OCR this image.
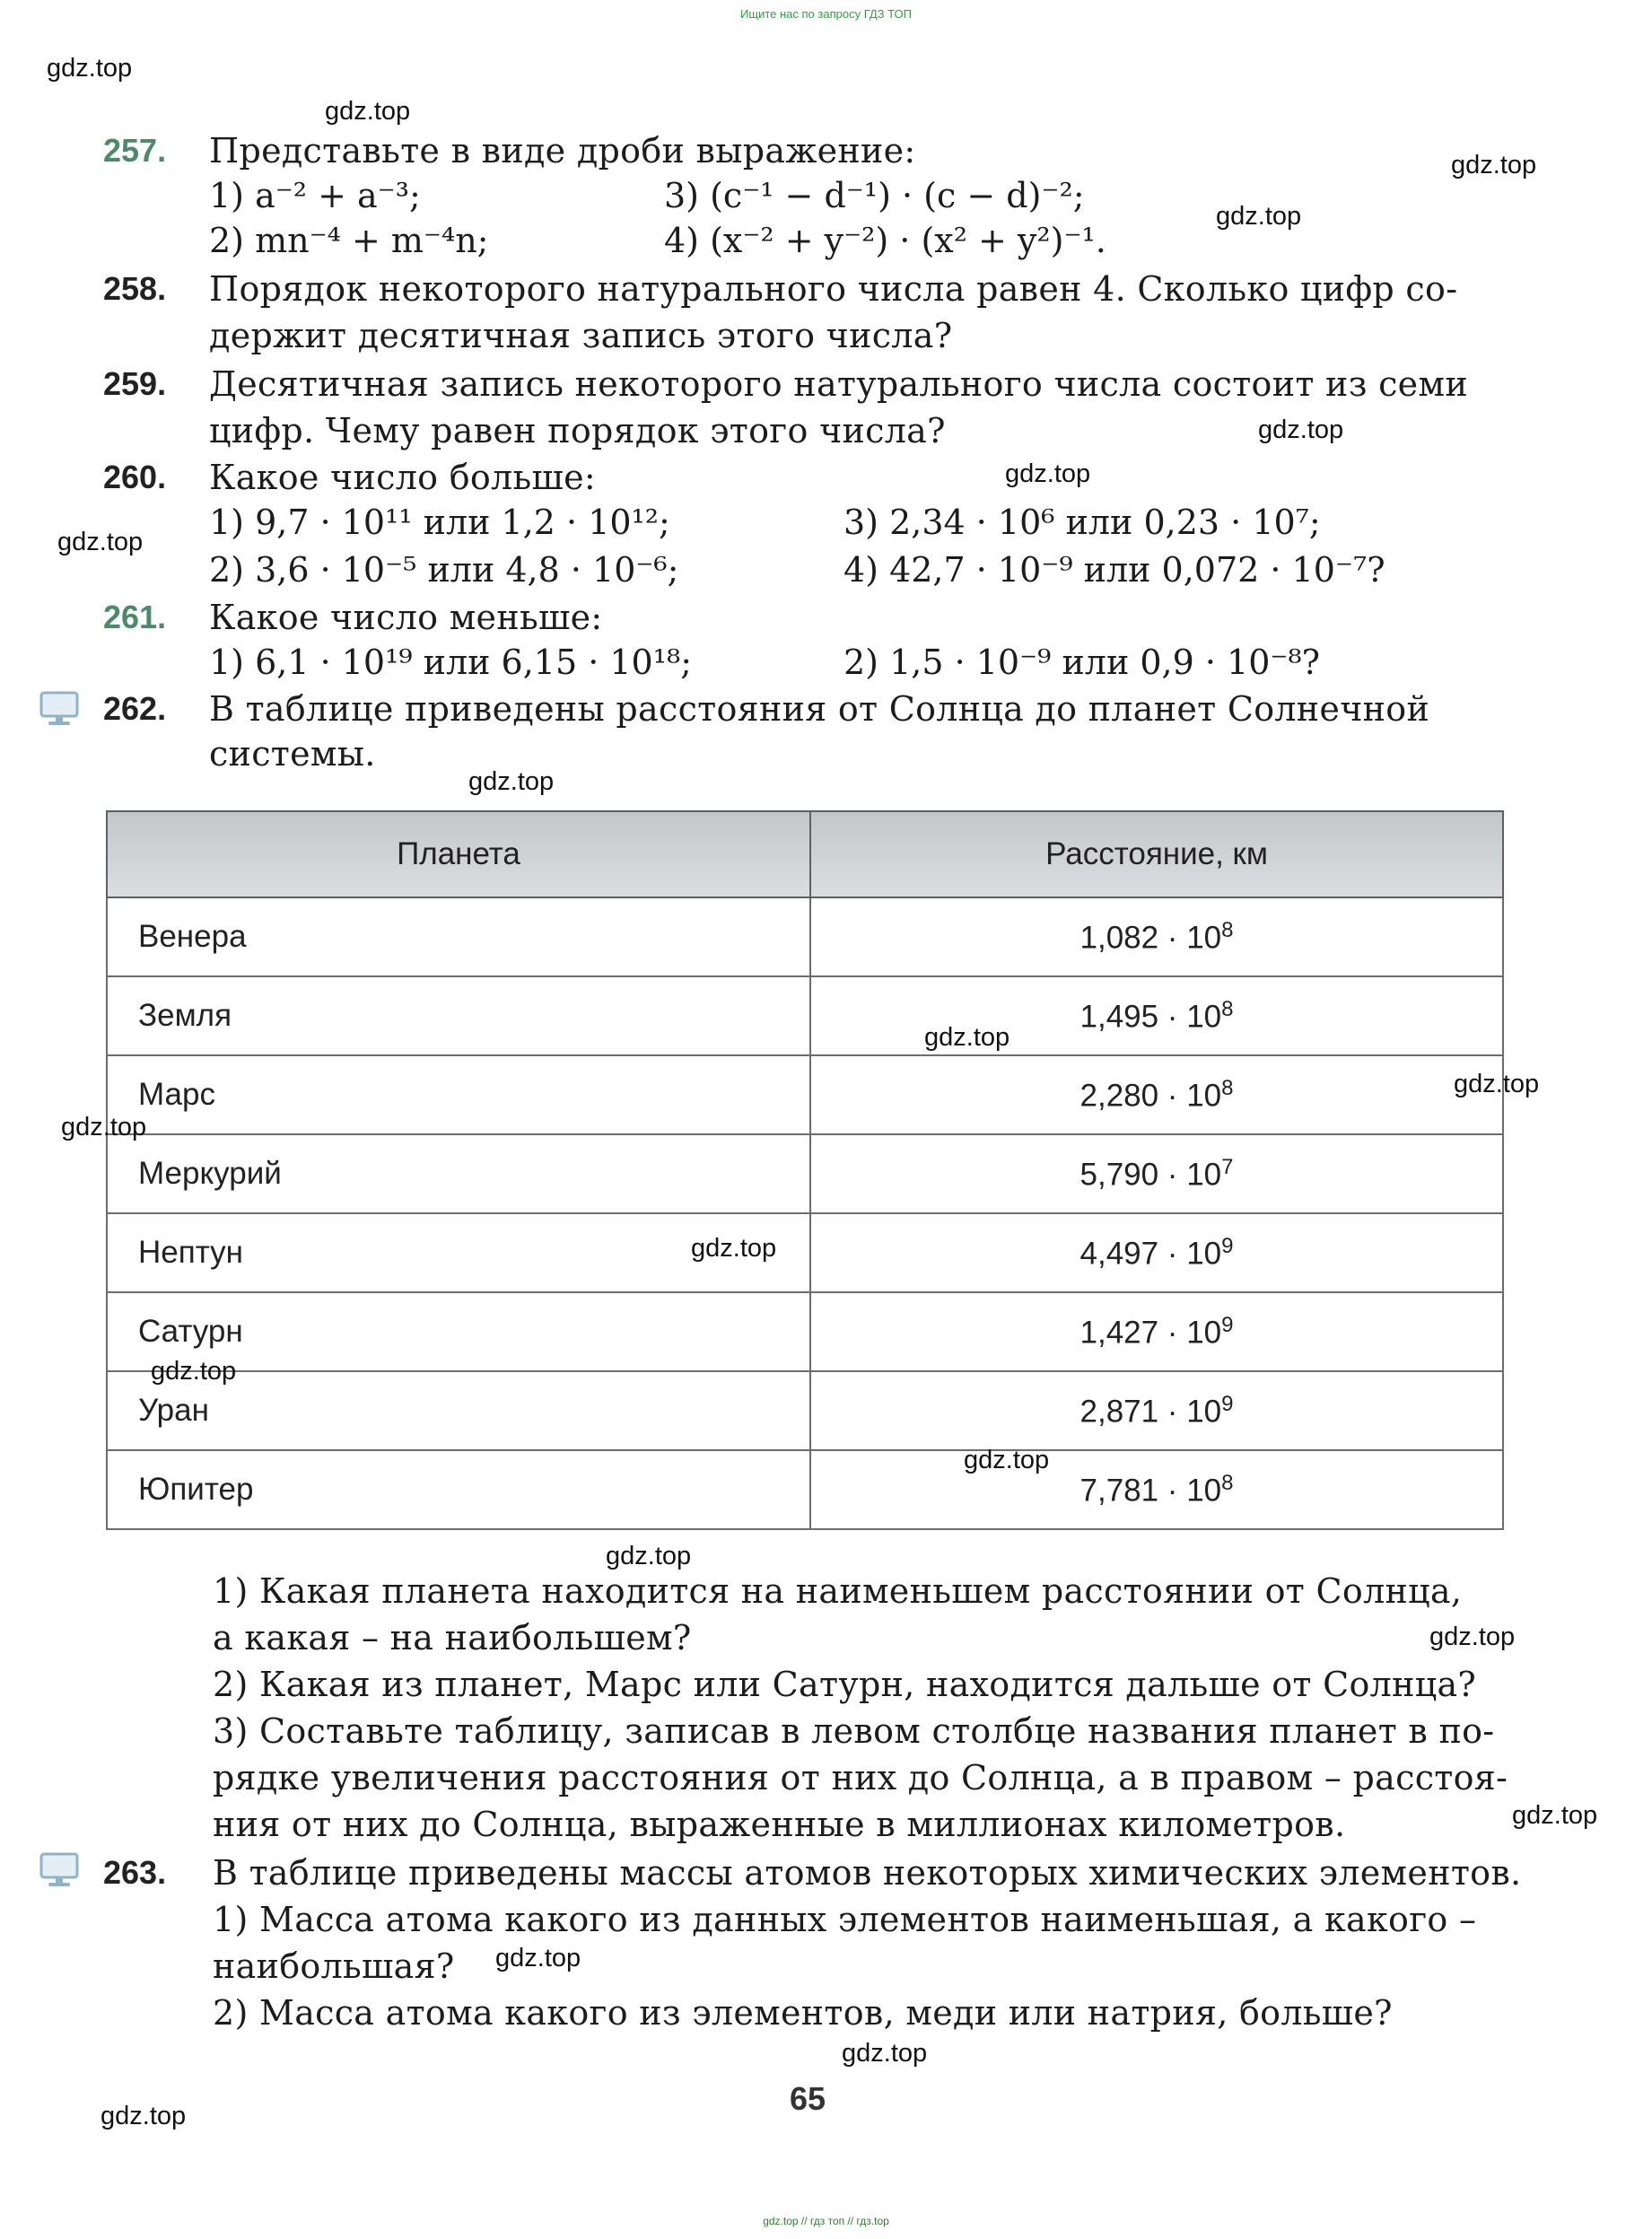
Ищите нас по запросу ГДЗ ТОП
257. Представьте в виде дроби выражение:
1) a⁻² + a⁻³;	3) (c⁻¹ − d⁻¹) · (c − d)⁻²;
2) mn⁻⁴ + m⁻⁴n;	4) (x⁻² + y⁻²) · (x² + y²)⁻¹.
258. Порядок некоторого натурального числа равен 4. Сколько цифр со-
держит десятичная запись этого числа?
259. Десятичная запись некоторого натурального числа состоит из семи
цифр. Чему равен порядок этого числа?
260. Какое число больше:
1) 9,7 · 10¹¹ или 1,2 · 10¹²;	3) 2,34 · 10⁶ или 0,23 · 10⁷;
2) 3,6 · 10⁻⁵ или 4,8 · 10⁻⁶;	4) 42,7 · 10⁻⁹ или 0,072 · 10⁻⁷?
261. Какое число меньше:
1) 6,1 · 10¹⁹ или 6,15 · 10¹⁸;	2) 1,5 · 10⁻⁹ или 0,9 · 10⁻⁸?
262. В таблице приведены расстояния от Солнца до планет Солнечной
системы.
Планета	Расстояние, км
Венера	$1,082 \cdot 10^8$
Земля	$1,495 \cdot 10^8$
Марс	$2,280 \cdot 10^8$
Меркурий	$5,790 \cdot 10^7$
Нептун	$4,497 \cdot 10^9$
Сатурн	$1,427 \cdot 10^9$
Уран	$2,871 \cdot 10^9$
Юпитер	$7,781 \cdot 10^8$
1) Какая планета находится на наименьшем расстоянии от Солнца,
а какая – на наибольшем?
2) Какая из планет, Марс или Сатурн, находится дальше от Солнца?
3) Составьте таблицу, записав в левом столбце названия планет в по-
рядке увеличения расстояния от них до Солнца, а в правом – расстоя-
ния от них до Солнца, выраженные в миллионах километров.
263. В таблице приведены массы атомов некоторых химических элементов.
1) Масса атома какого из данных элементов наименьшая, а какого –
наибольшая?
2) Масса атома какого из элементов, меди или натрия, больше?
65
gdz.top
gdz.top
gdz.top
gdz.top
gdz.top
gdz.top
gdz.top
gdz.top
gdz.top
gdz.top
gdz.top
gdz.top
gdz.top
gdz.top
gdz.top
gdz.top
gdz.top
gdz.top
gdz.top
gdz.top
gdz.top // гдз топ // гдз.top
